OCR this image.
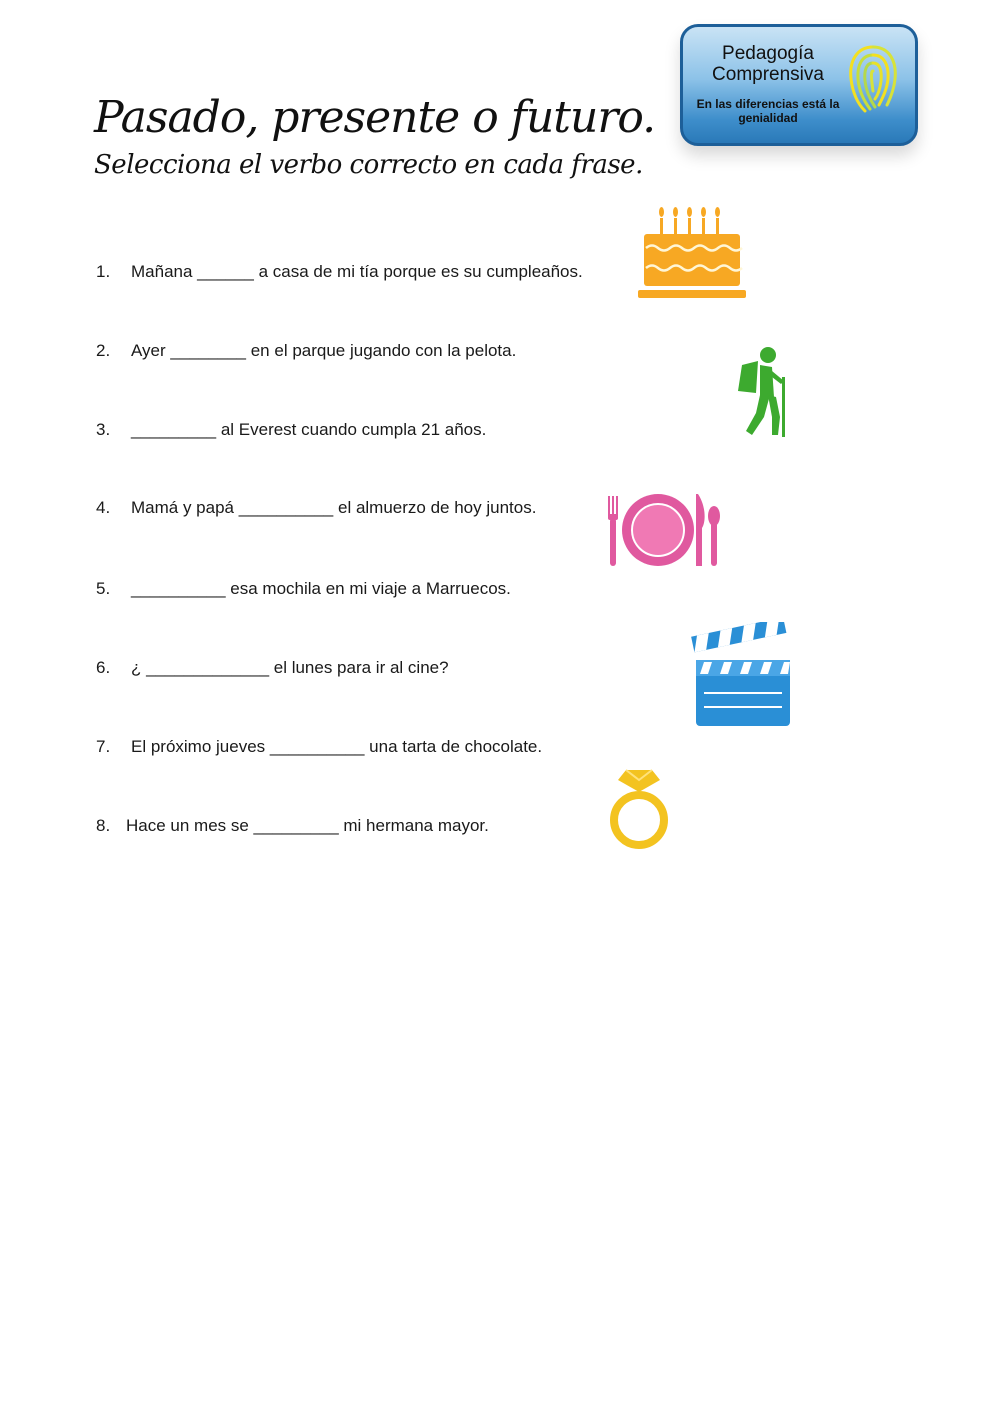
Pasado, presente o futuro.
Selecciona el verbo correcto en cada frase.
Pedagogía Comprensiva
En las diferencias está la genialidad
1. Mañana ______ a casa de mi tía porque es su cumpleaños.
2. Ayer ________ en el parque jugando con la pelota.
3. _________ al Everest cuando cumpla 21 años.
4. Mamá y papá __________ el almuerzo de hoy juntos.
5. __________ esa mochila en mi viaje a Marruecos.
6. ¿ _____________ el lunes para ir al cine?
7. El próximo jueves __________ una tarta de chocolate.
8. Hace un mes se _________ mi hermana mayor.
